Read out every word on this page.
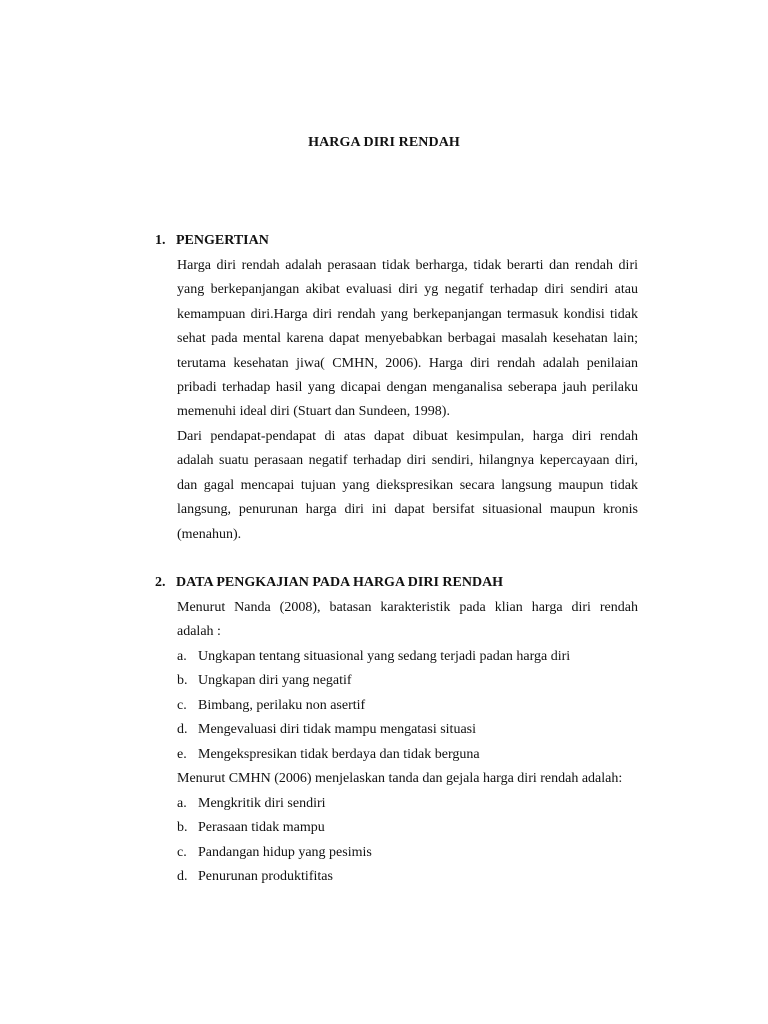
HARGA DIRI RENDAH
1. PENGERTIAN
Harga diri rendah adalah perasaan tidak berharga, tidak berarti dan rendah diri
yang berkepanjangan akibat evaluasi diri yg negatif terhadap diri sendiri atau
kemampuan diri.Harga diri rendah yang berkepanjangan termasuk kondisi tidak
sehat pada mental karena dapat menyebabkan berbagai masalah kesehatan lain;
terutama kesehatan jiwa( CMHN, 2006). Harga diri rendah adalah penilaian
pribadi terhadap hasil yang dicapai dengan menganalisa seberapa jauh perilaku
memenuhi ideal diri (Stuart dan Sundeen, 1998).
Dari pendapat-pendapat di atas dapat dibuat kesimpulan, harga diri rendah
adalah suatu perasaan negatif terhadap diri sendiri, hilangnya kepercayaan diri,
dan gagal mencapai tujuan yang diekspresikan secara langsung maupun tidak
langsung, penurunan harga diri ini dapat bersifat situasional maupun kronis
(menahun).
2. DATA PENGKAJIAN PADA HARGA DIRI RENDAH
Menurut Nanda (2008), batasan karakteristik pada klian harga diri rendah
adalah :
a. Ungkapan tentang situasional yang sedang terjadi padan harga diri
b. Ungkapan diri yang negatif
c. Bimbang, perilaku non asertif
d. Mengevaluasi diri tidak mampu mengatasi situasi
e. Mengekspresikan tidak berdaya dan tidak berguna
Menurut CMHN (2006) menjelaskan tanda dan gejala harga diri rendah adalah:
a. Mengkritik diri sendiri
b. Perasaan tidak mampu
c. Pandangan hidup yang pesimis
d. Penurunan produktifitas
